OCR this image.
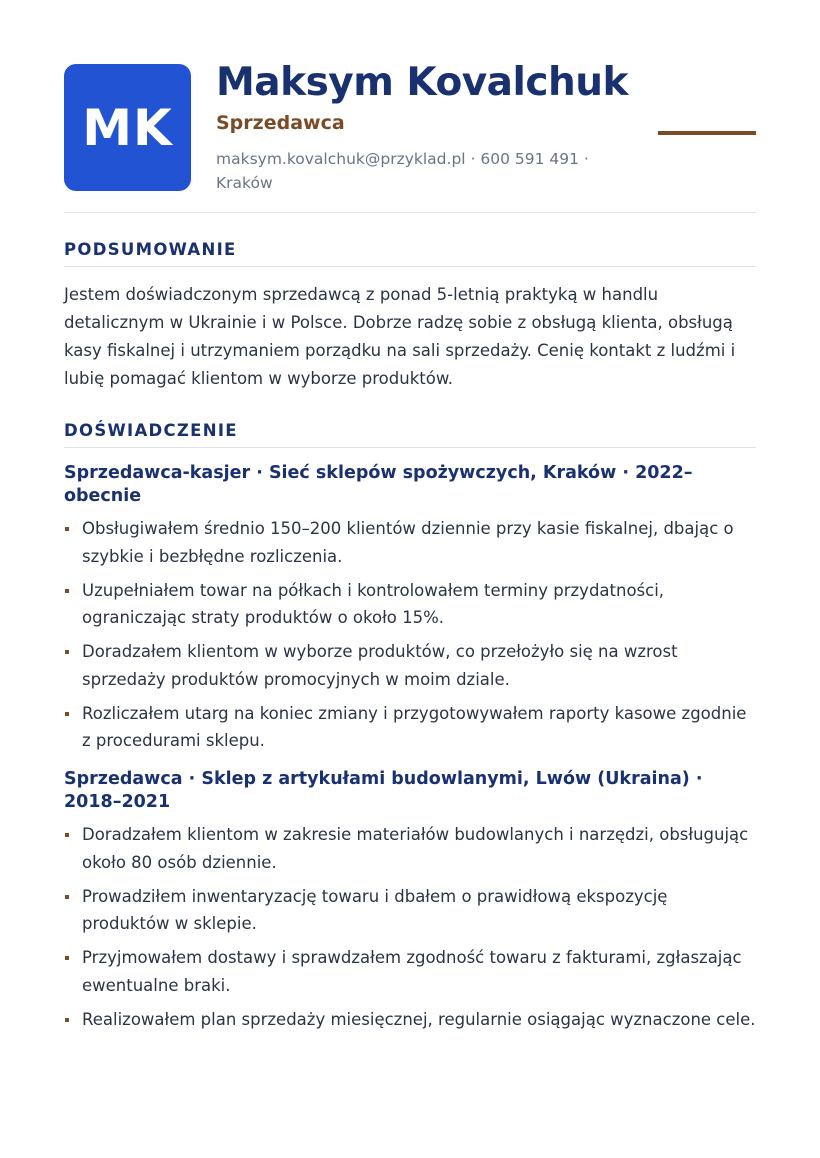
MK
Maksym Kovalchuk
Sprzedawca
maksym.kovalchuk@przyklad.pl · 600 591 491 · Kraków
PODSUMOWANIE
Jestem doświadczonym sprzedawcą z ponad 5-letnią praktyką w handlu detalicznym w Ukrainie i w Polsce. Dobrze radzę sobie z obsługą klienta, obsługą kasy fiskalnej i utrzymaniem porządku na sali sprzedaży. Cenię kontakt z ludźmi i lubię pomagać klientom w wyborze produktów.
DOŚWIADCZENIE
Sprzedawca-kasjer · Sieć sklepów spożywczych, Kraków · 2022–obecnie
Obsługiwałem średnio 150–200 klientów dziennie przy kasie fiskalnej, dbając o szybkie i bezbłędne rozliczenia.
Uzupełniałem towar na półkach i kontrolowałem terminy przydatności, ograniczając straty produktów o około 15%.
Doradzałem klientom w wyborze produktów, co przełożyło się na wzrost sprzedaży produktów promocyjnych w moim dziale.
Rozliczałem utarg na koniec zmiany i przygotowywałem raporty kasowe zgodnie z procedurami sklepu.
Sprzedawca · Sklep z artykułami budowlanymi, Lwów (Ukraina) · 2018–2021
Doradzałem klientom w zakresie materiałów budowlanych i narzędzi, obsługując około 80 osób dziennie.
Prowadziłem inwentaryzację towaru i dbałem o prawidłową ekspozycję produktów w sklepie.
Przyjmowałem dostawy i sprawdzałem zgodność towaru z fakturami, zgłaszając ewentualne braki.
Realizowałem plan sprzedaży miesięcznej, regularnie osiągając wyznaczone cele.
